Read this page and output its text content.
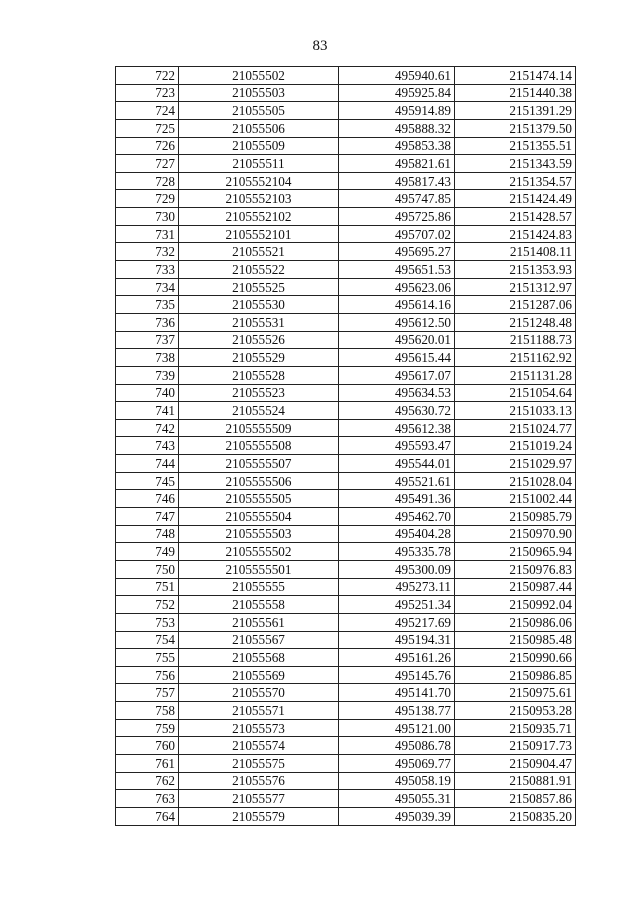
83
722	21055502	495940.61	2151474.14
723	21055503	495925.84	2151440.38
724	21055505	495914.89	2151391.29
725	21055506	495888.32	2151379.50
726	21055509	495853.38	2151355.51
727	21055511	495821.61	2151343.59
728	2105552104	495817.43	2151354.57
729	2105552103	495747.85	2151424.49
730	2105552102	495725.86	2151428.57
731	2105552101	495707.02	2151424.83
732	21055521	495695.27	2151408.11
733	21055522	495651.53	2151353.93
734	21055525	495623.06	2151312.97
735	21055530	495614.16	2151287.06
736	21055531	495612.50	2151248.48
737	21055526	495620.01	2151188.73
738	21055529	495615.44	2151162.92
739	21055528	495617.07	2151131.28
740	21055523	495634.53	2151054.64
741	21055524	495630.72	2151033.13
742	2105555509	495612.38	2151024.77
743	2105555508	495593.47	2151019.24
744	2105555507	495544.01	2151029.97
745	2105555506	495521.61	2151028.04
746	2105555505	495491.36	2151002.44
747	2105555504	495462.70	2150985.79
748	2105555503	495404.28	2150970.90
749	2105555502	495335.78	2150965.94
750	2105555501	495300.09	2150976.83
751	21055555	495273.11	2150987.44
752	21055558	495251.34	2150992.04
753	21055561	495217.69	2150986.06
754	21055567	495194.31	2150985.48
755	21055568	495161.26	2150990.66
756	21055569	495145.76	2150986.85
757	21055570	495141.70	2150975.61
758	21055571	495138.77	2150953.28
759	21055573	495121.00	2150935.71
760	21055574	495086.78	2150917.73
761	21055575	495069.77	2150904.47
762	21055576	495058.19	2150881.91
763	21055577	495055.31	2150857.86
764	21055579	495039.39	2150835.20
